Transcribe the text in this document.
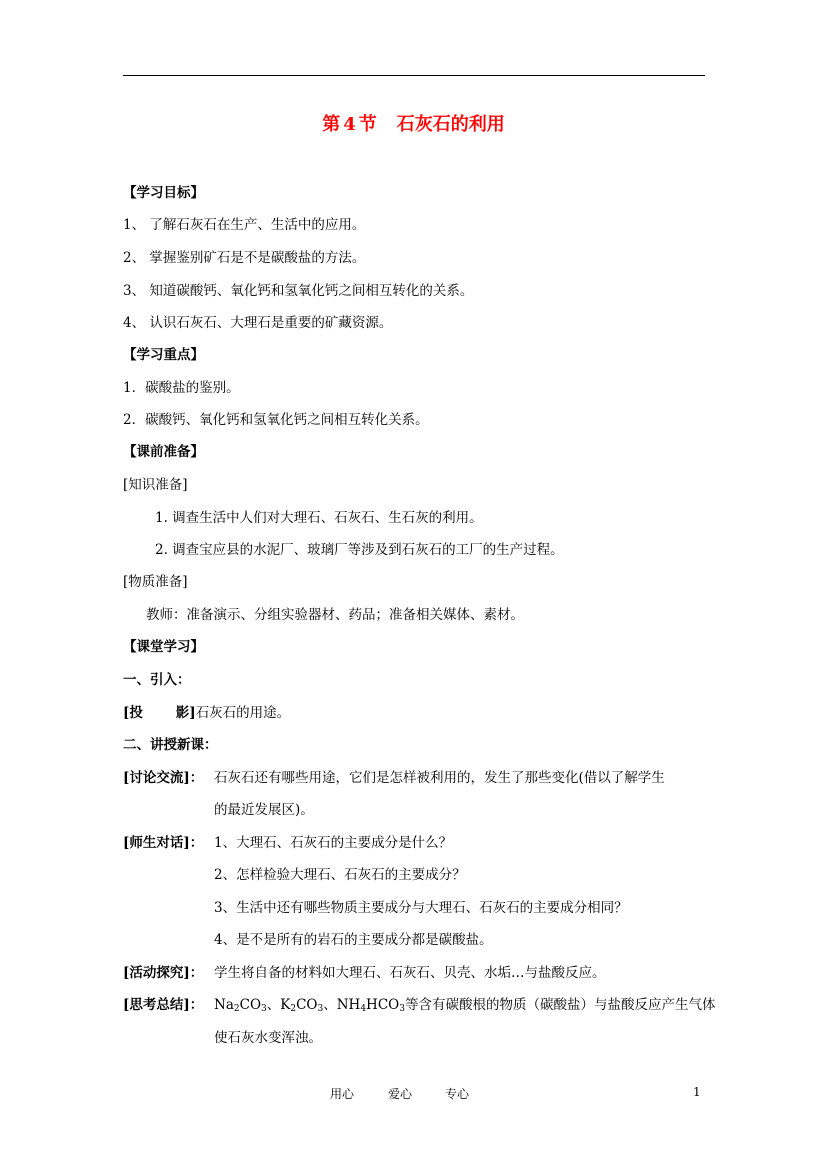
第 4 节 石灰石的利用
【学习目标】
1、 了解石灰石在生产、生活中的应用。
2、 掌握鉴别矿石是不是碳酸盐的方法。
3、 知道碳酸钙、氧化钙和氢氧化钙之间相互转化的关系。
4、 认识石灰石、大理石是重要的矿藏资源。
【学习重点】
1．碳酸盐的鉴别。
2．碳酸钙、氧化钙和氢氧化钙之间相互转化关系。
【课前准备】
[知识准备]
1. 调查生活中人们对大理石、石灰石、生石灰的利用。
2. 调查宝应县的水泥厂、玻璃厂等涉及到石灰石的工厂的生产过程。
[物质准备]
教师：准备演示、分组实验器材、药品；准备相关媒体、素材。
【课堂学习】
一、引入：
[投       影]石灰石的用途。
二、讲授新课：
[讨论交流]： 石灰石还有哪些用途，它们是怎样被利用的，发生了那些变化(借以了解学生
的最近发展区)。
[师生对话]： 1、大理石、石灰石的主要成分是什么？
2、怎样检验大理石、石灰石的主要成分？
3、生活中还有哪些物质主要成分与大理石、石灰石的主要成分相同？
4、是不是所有的岩石的主要成分都是碳酸盐。
[活动探究]： 学生将自备的材料如大理石、石灰石、贝壳、水垢…与盐酸反应。
[思考总结]： $Na_2CO_3$、$K_2CO_3$、$NH_4HCO_3$等含有碳酸根的物质（碳酸盐）与盐酸反应产生气体
使石灰水变浑浊。
用心	爱心	专心	1
